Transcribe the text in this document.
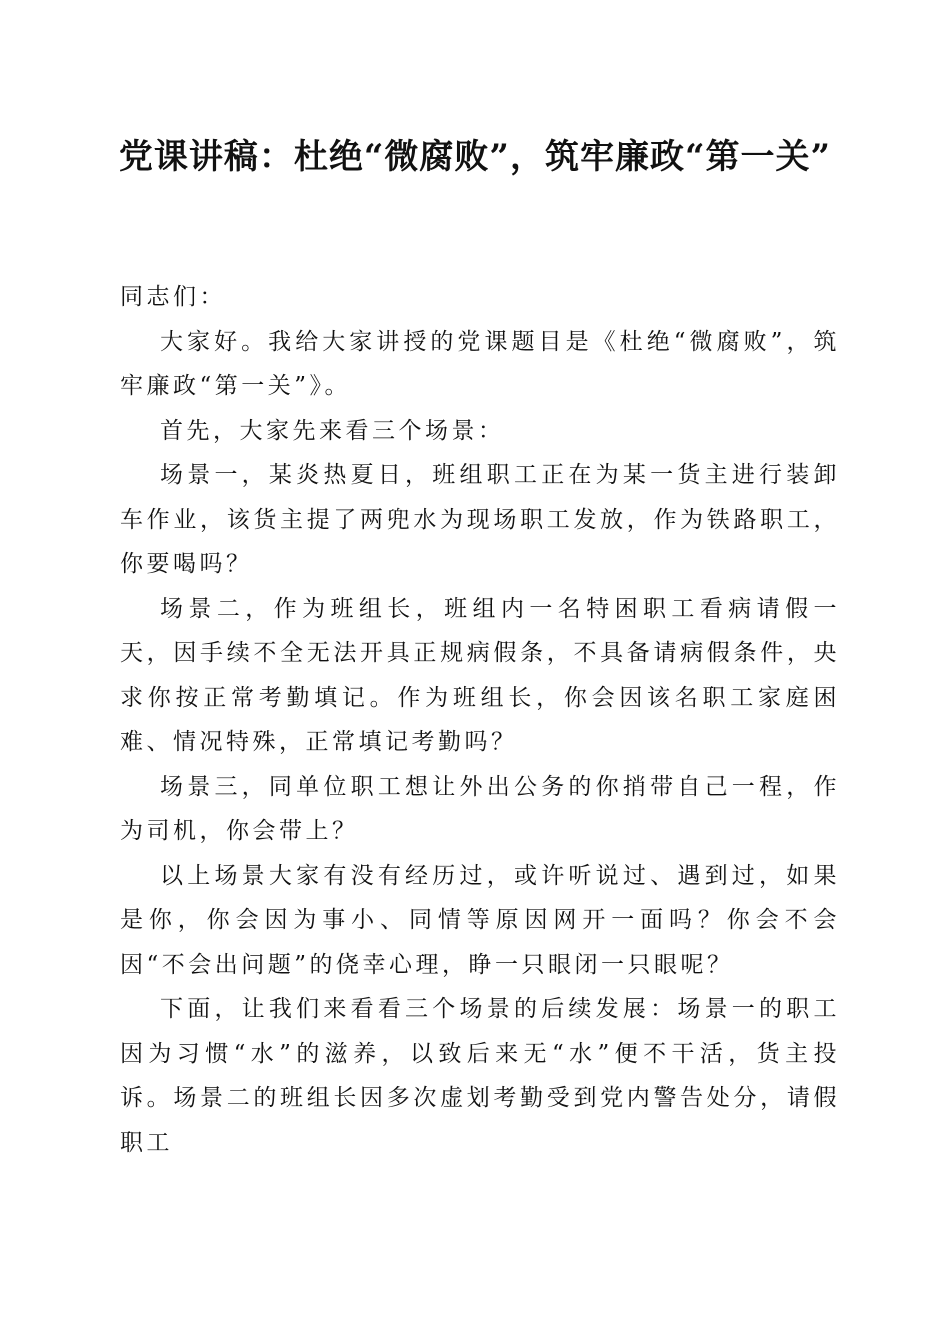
党课讲稿：杜绝“微腐败”，筑牢廉政“第一关”

同志们：

大家好。我给大家讲授的党课题目是《杜绝“微腐败”，筑牢廉政“第一关”》。

首先，大家先来看三个场景：

场景一，某炎热夏日，班组职工正在为某一货主进行装卸车作业，该货主提了两兜水为现场职工发放，作为铁路职工，你要喝吗？

场景二，作为班组长，班组内一名特困职工看病请假一天，因手续不全无法开具正规病假条，不具备请病假条件，央求你按正常考勤填记。作为班组长，你会因该名职工家庭困难、情况特殊，正常填记考勤吗？

场景三，同单位职工想让外出公务的你捎带自己一程，作为司机，你会带上？

以上场景大家有没有经历过，或许听说过、遇到过，如果是你，你会因为事小、同情等原因网开一面吗？你会不会因“不会出问题”的侥幸心理，睁一只眼闭一只眼呢？

下面，让我们来看看三个场景的后续发展：场景一的职工因为习惯“水”的滋养，以致后来无“水”便不干活，货主投诉。场景二的班组长因多次虚划考勤受到党内警告处分，请假职工
